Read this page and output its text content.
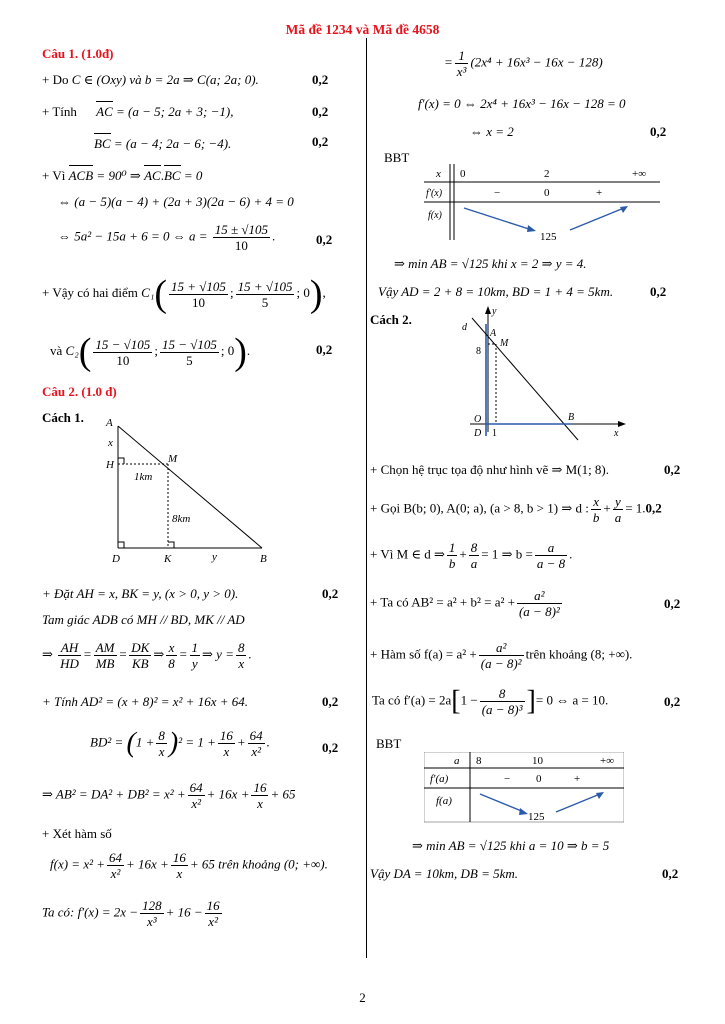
Mã đề 1234 và Mã đề 4658
Câu 1. (1.0đ)
+ Do C ∈ (Oxy) và b = 2a ⇒ C(a; 2a; 0).	0,2
+ Tính AC = (a − 5; 2a + 3; −1),	0,2
BC = (a − 4; 2a − 6; −4).	0,2
+ Vì ACB = 90⁰ ⇒ AC.BC = 0
⇔ (a − 5)(a − 4) + (2a + 3)(2a − 6) + 4 = 0
⇔ 5a² − 15a + 6 = 0 ⇔ $a = \frac{15 \pm √105}{10}$ .	0,2
+ Vậy có hai điểm $C_1( \frac{15 + √105}{10}$ ; $\frac{15 + √105}{5}$ ; 0),
và $C_2( \frac{15 - √105}{10}$ ; $\frac{15 - √105}{5}$ ; 0).	0,2
Câu 2. (1.0 đ)
Cách 1. A
x
H	M
1km
8km
D	K	y	B
+ Đặt AH = x, BK = y, (x > 0, y > 0).	0,2
Tam giác ADB có MH // BD, MK // AD
⇒ $\frac{AH}{HD} = \frac{AM}{MB} = \frac{DK}{KB}$ ⇒ $\frac{x}{8} = \frac{1}{y}$ ⇒ $y = \frac{8}{x}$ .
+ Tính AD² = (x + 8)² = x² + 16x + 64.	0,2
$BD^2 = (1 + \frac{8}{x} )^2 = 1 + \frac{16}{x} + \frac{64}{\text{x²}}$ .	0,2
⇒ $AB^2 = DA^2 + DB^2 = x^2 + \frac{64}{\text{x²}} + 16x + \frac{16}{x} + 65$
+ Xét hàm số
$f(x) = x^2 + \frac{64}{\text{x²}} + 16x + \frac{16}{x} + 65$ trên khoảng (0; +∞).
Ta có: $f'(x) = 2x - \frac{128}{\text{x³}} + 16 - \frac{16}{\text{x²}}$
= $\frac{1}{\text{x³}} (2x^4 + 16x^3 - 16x - 128)$
f′(x) = 0 ⇔ 2x⁴ + 16x³ − 16x − 128 = 0
⇔ x = 2	0,2
BBT
x 0	2	+∞
f′(x)	−	0	+
f(x)
125
⇒ min AB = √125 khi x = 2 ⇒ y = 4.
Vậy AD = 2 + 8 = 10km, BD = 1 + 4 = 5km.	0,2
Cách 2.
y
d
A
M
8
O	B
D 1	x
+ Chọn hệ trục tọa độ như hình vẽ ⇒ M(1; 8).	0,2
+ Gọi B(b; 0), A(0; a), (a > 8, b > 1) ⇒ d : $\frac{x}{b} + \frac{y}{a} = 1.0,2$
+ Vì M ∈ d ⇒ $\frac{1}{b} + \frac{8}{a} = 1$ ⇒ $b = \frac{a}{a - 8}$ .
+ Ta có $AB^2 = a^2 + b^2 = a^2 + \frac{\text{a²}}{\text{(a − 8)²}}$	0,2
+ Hàm số $f(a) = a^2 + \frac{\text{a²}}{\text{(a − 8)²}}$ trên khoảng (8; +∞).
Ta có $f'(a) = 2a[1 - \frac{8}{\text{(a − 8)³}}$ ]= 0 ⇔ a = 10.	0,2
BBT
a 8	10	+∞
f′(a)	− 0	+
f(a)
125
⇒ min AB = √125 khi a = 10 ⇒ b = 5
Vậy DA = 10km, DB = 5km.	0,2
2
